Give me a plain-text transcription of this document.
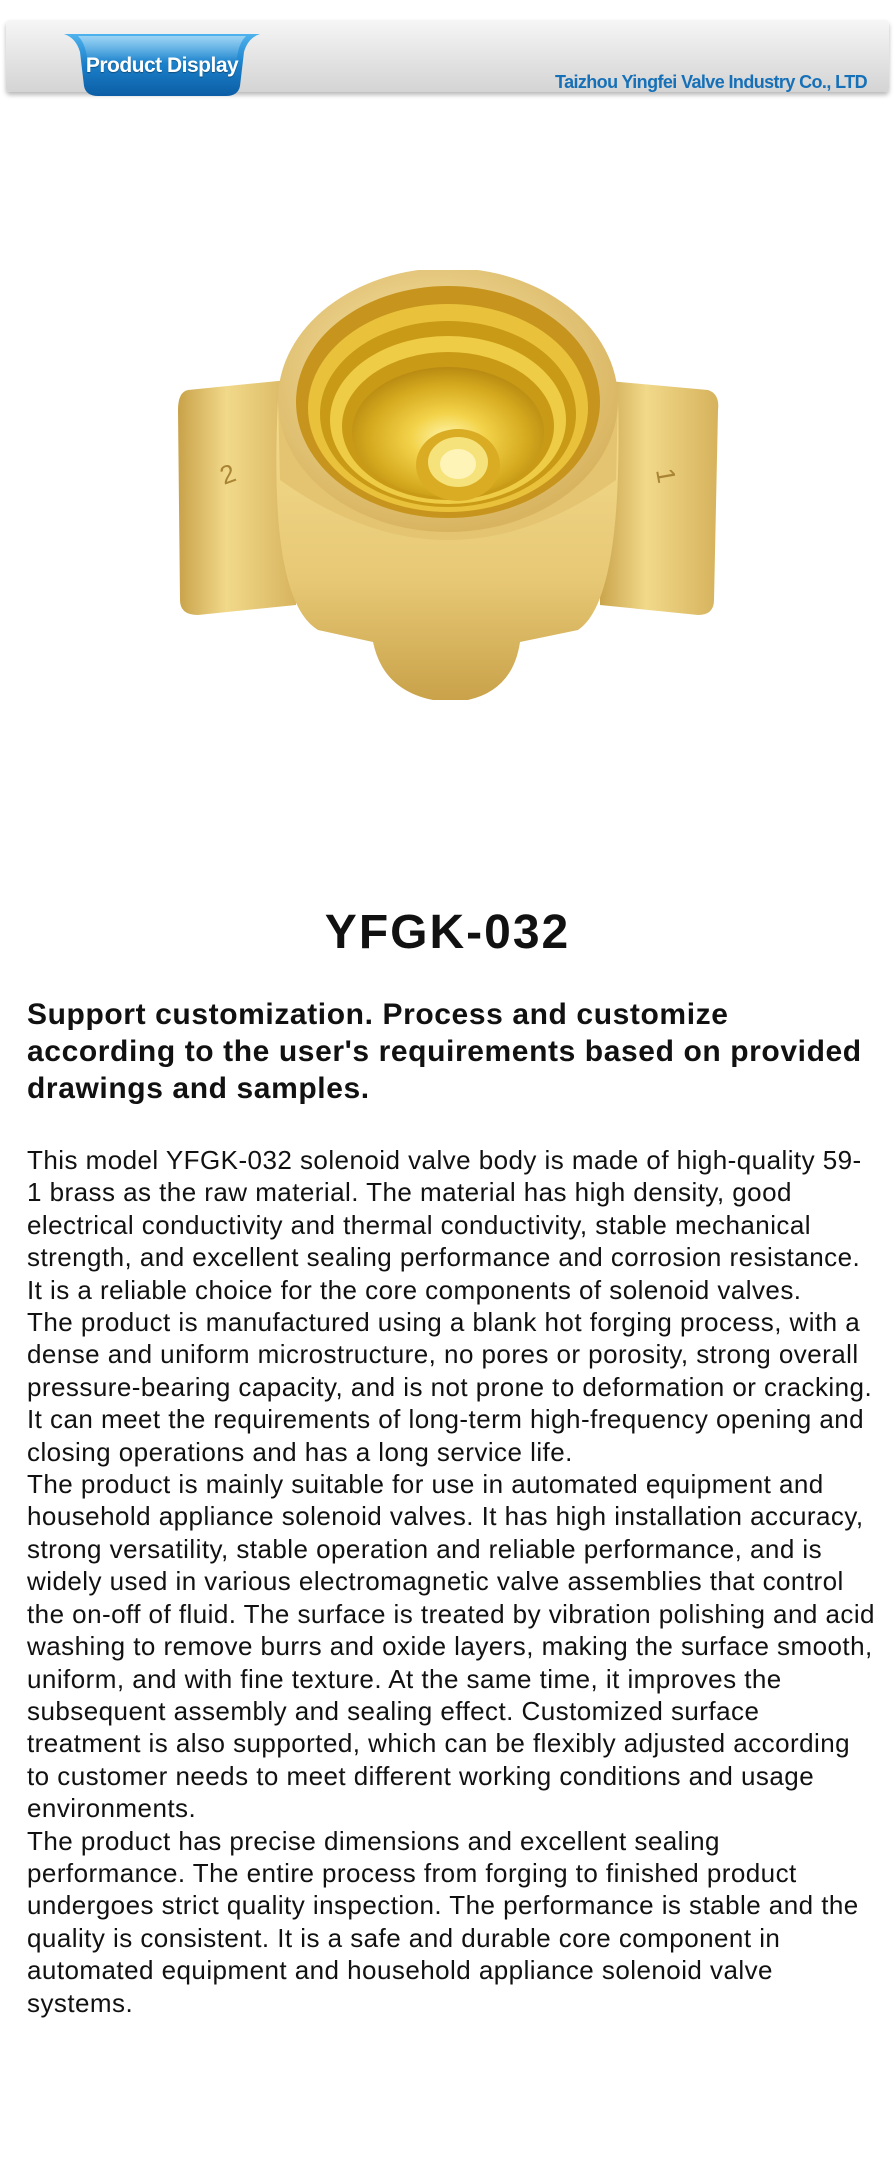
Product Display
Taizhou Yingfei Valve Industry Co., LTD
2	1
YFGK-032
Support customization. Process and customize according to the user's requirements based on provided drawings and samples.

This model YFGK-032 solenoid valve body is made of high-quality 59-1 brass as the raw material. The material has high density, good electrical conductivity and thermal conductivity, stable mechanical strength, and excellent sealing performance and corrosion resistance. It is a reliable choice for the core components of solenoid valves.

The product is manufactured using a blank hot forging process, with a dense and uniform microstructure, no pores or porosity, strong overall pressure-bearing capacity, and is not prone to deformation or cracking. It can meet the requirements of long-term high-frequency opening and closing operations and has a long service life.

The product is mainly suitable for use in automated equipment and household appliance solenoid valves. It has high installation accuracy, strong versatility, stable operation and reliable performance, and is widely used in various electromagnetic valve assemblies that control the on-off of fluid. The surface is treated by vibration polishing and acid washing to remove burrs and oxide layers, making the surface smooth, uniform, and with fine texture. At the same time, it improves the subsequent assembly and sealing effect. Customized surface treatment is also supported, which can be flexibly adjusted according to customer needs to meet different working conditions and usage environments.

The product has precise dimensions and excellent sealing performance. The entire process from forging to finished product undergoes strict quality inspection. The performance is stable and the quality is consistent. It is a safe and durable core component in automated equipment and household appliance solenoid valve systems.
